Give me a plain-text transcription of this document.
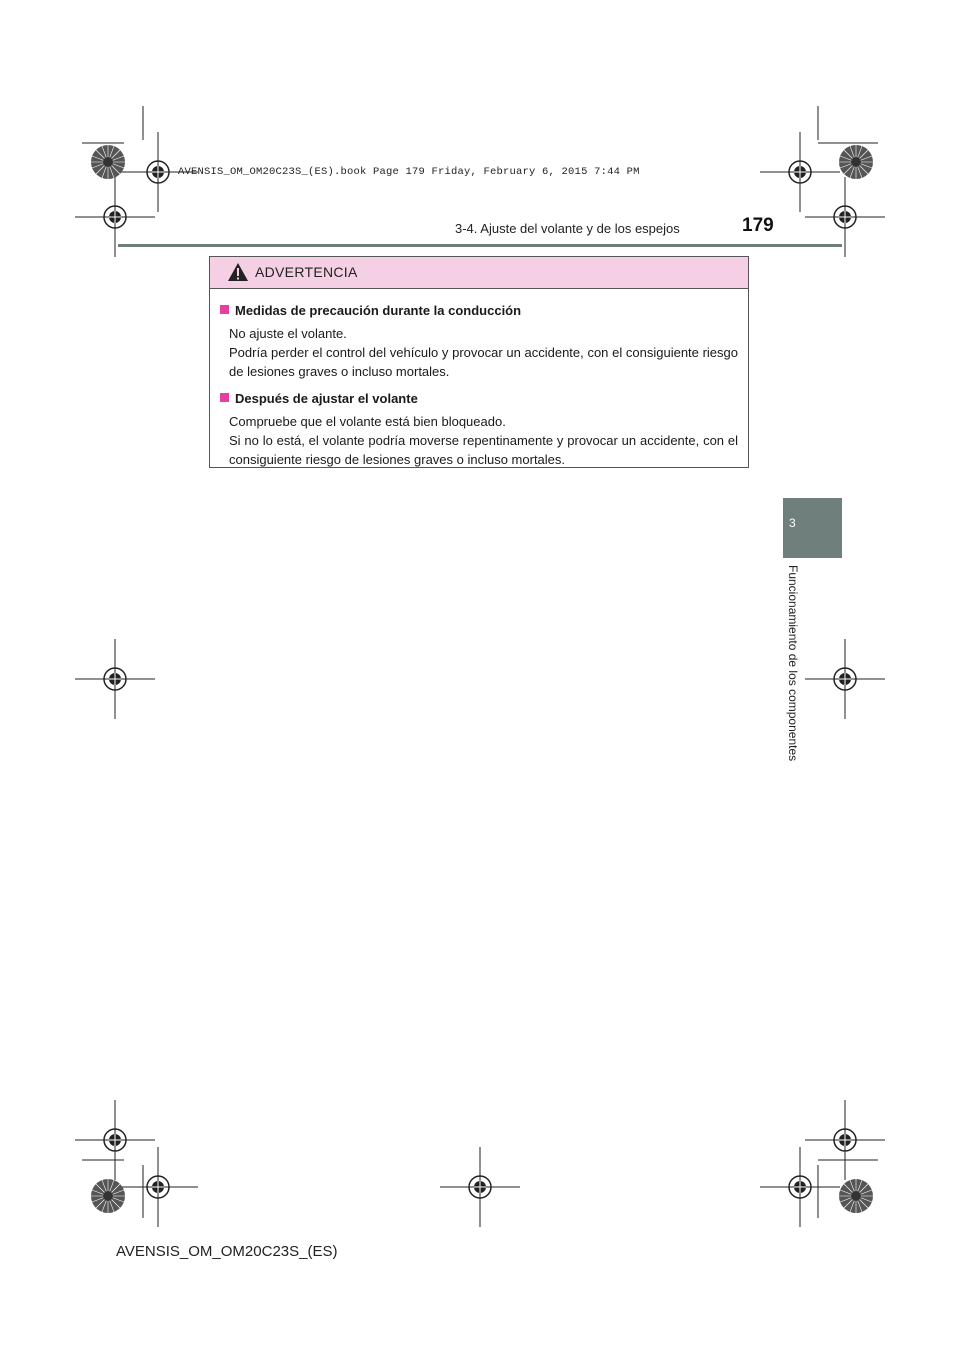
AVENSIS_OM_OM20C23S_(ES).book Page 179 Friday, February 6, 2015 7:44 PM
3-4. Ajuste del volante y de los espejos	179
3
Funcionamiento de los componentes
ADVERTENCIA
Medidas de precaución durante la conducción

No ajuste el volante.

Podría perder el control del vehículo y provocar un accidente, con el consiguiente riesgo de lesiones graves o incluso mortales.

Después de ajustar el volante

Compruebe que el volante está bien bloqueado.

Si no lo está, el volante podría moverse repentinamente y provocar un accidente, con el consiguiente riesgo de lesiones graves o incluso mortales.

AVENSIS_OM_OM20C23S_(ES)
